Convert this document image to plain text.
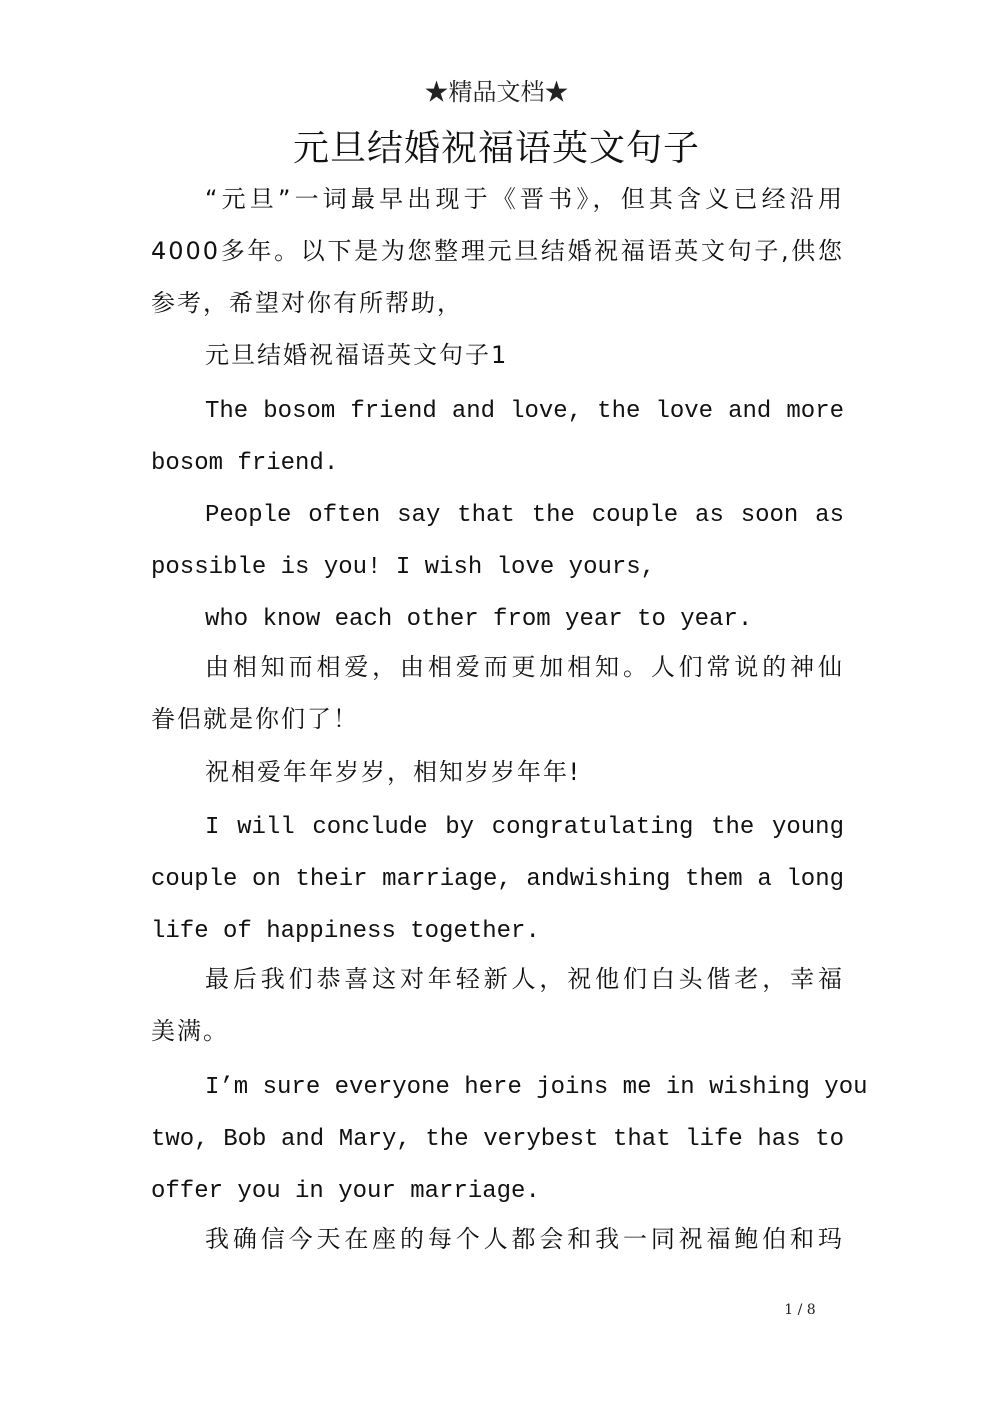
★精品文档★
元旦结婚祝福语英文句子
“元旦”一词最早出现于《晋书》，但其含义已经沿用
4000多年。以下是为您整理元旦结婚祝福语英文句子,供您
参考，希望对你有所帮助，
元旦结婚祝福语英文句子1
The bosom friend and love, the love and more
bosom friend.
People often say that the couple as soon as
possible is you! I wish love yours,
who know each other from year to year.
由相知而相爱，由相爱而更加相知。人们常说的神仙
眷侣就是你们了！
祝相爱年年岁岁，相知岁岁年年!
I will conclude by congratulating the young
couple on their marriage, andwishing them a long
life of happiness together.
最后我们恭喜这对年轻新人，祝他们白头偕老，幸福
美满。
I’m sure everyone here joins me in wishing you
two, Bob and Mary, the verybest that life has to
offer you in your marriage.
我确信今天在座的每个人都会和我一同祝福鲍伯和玛
1 / 8
